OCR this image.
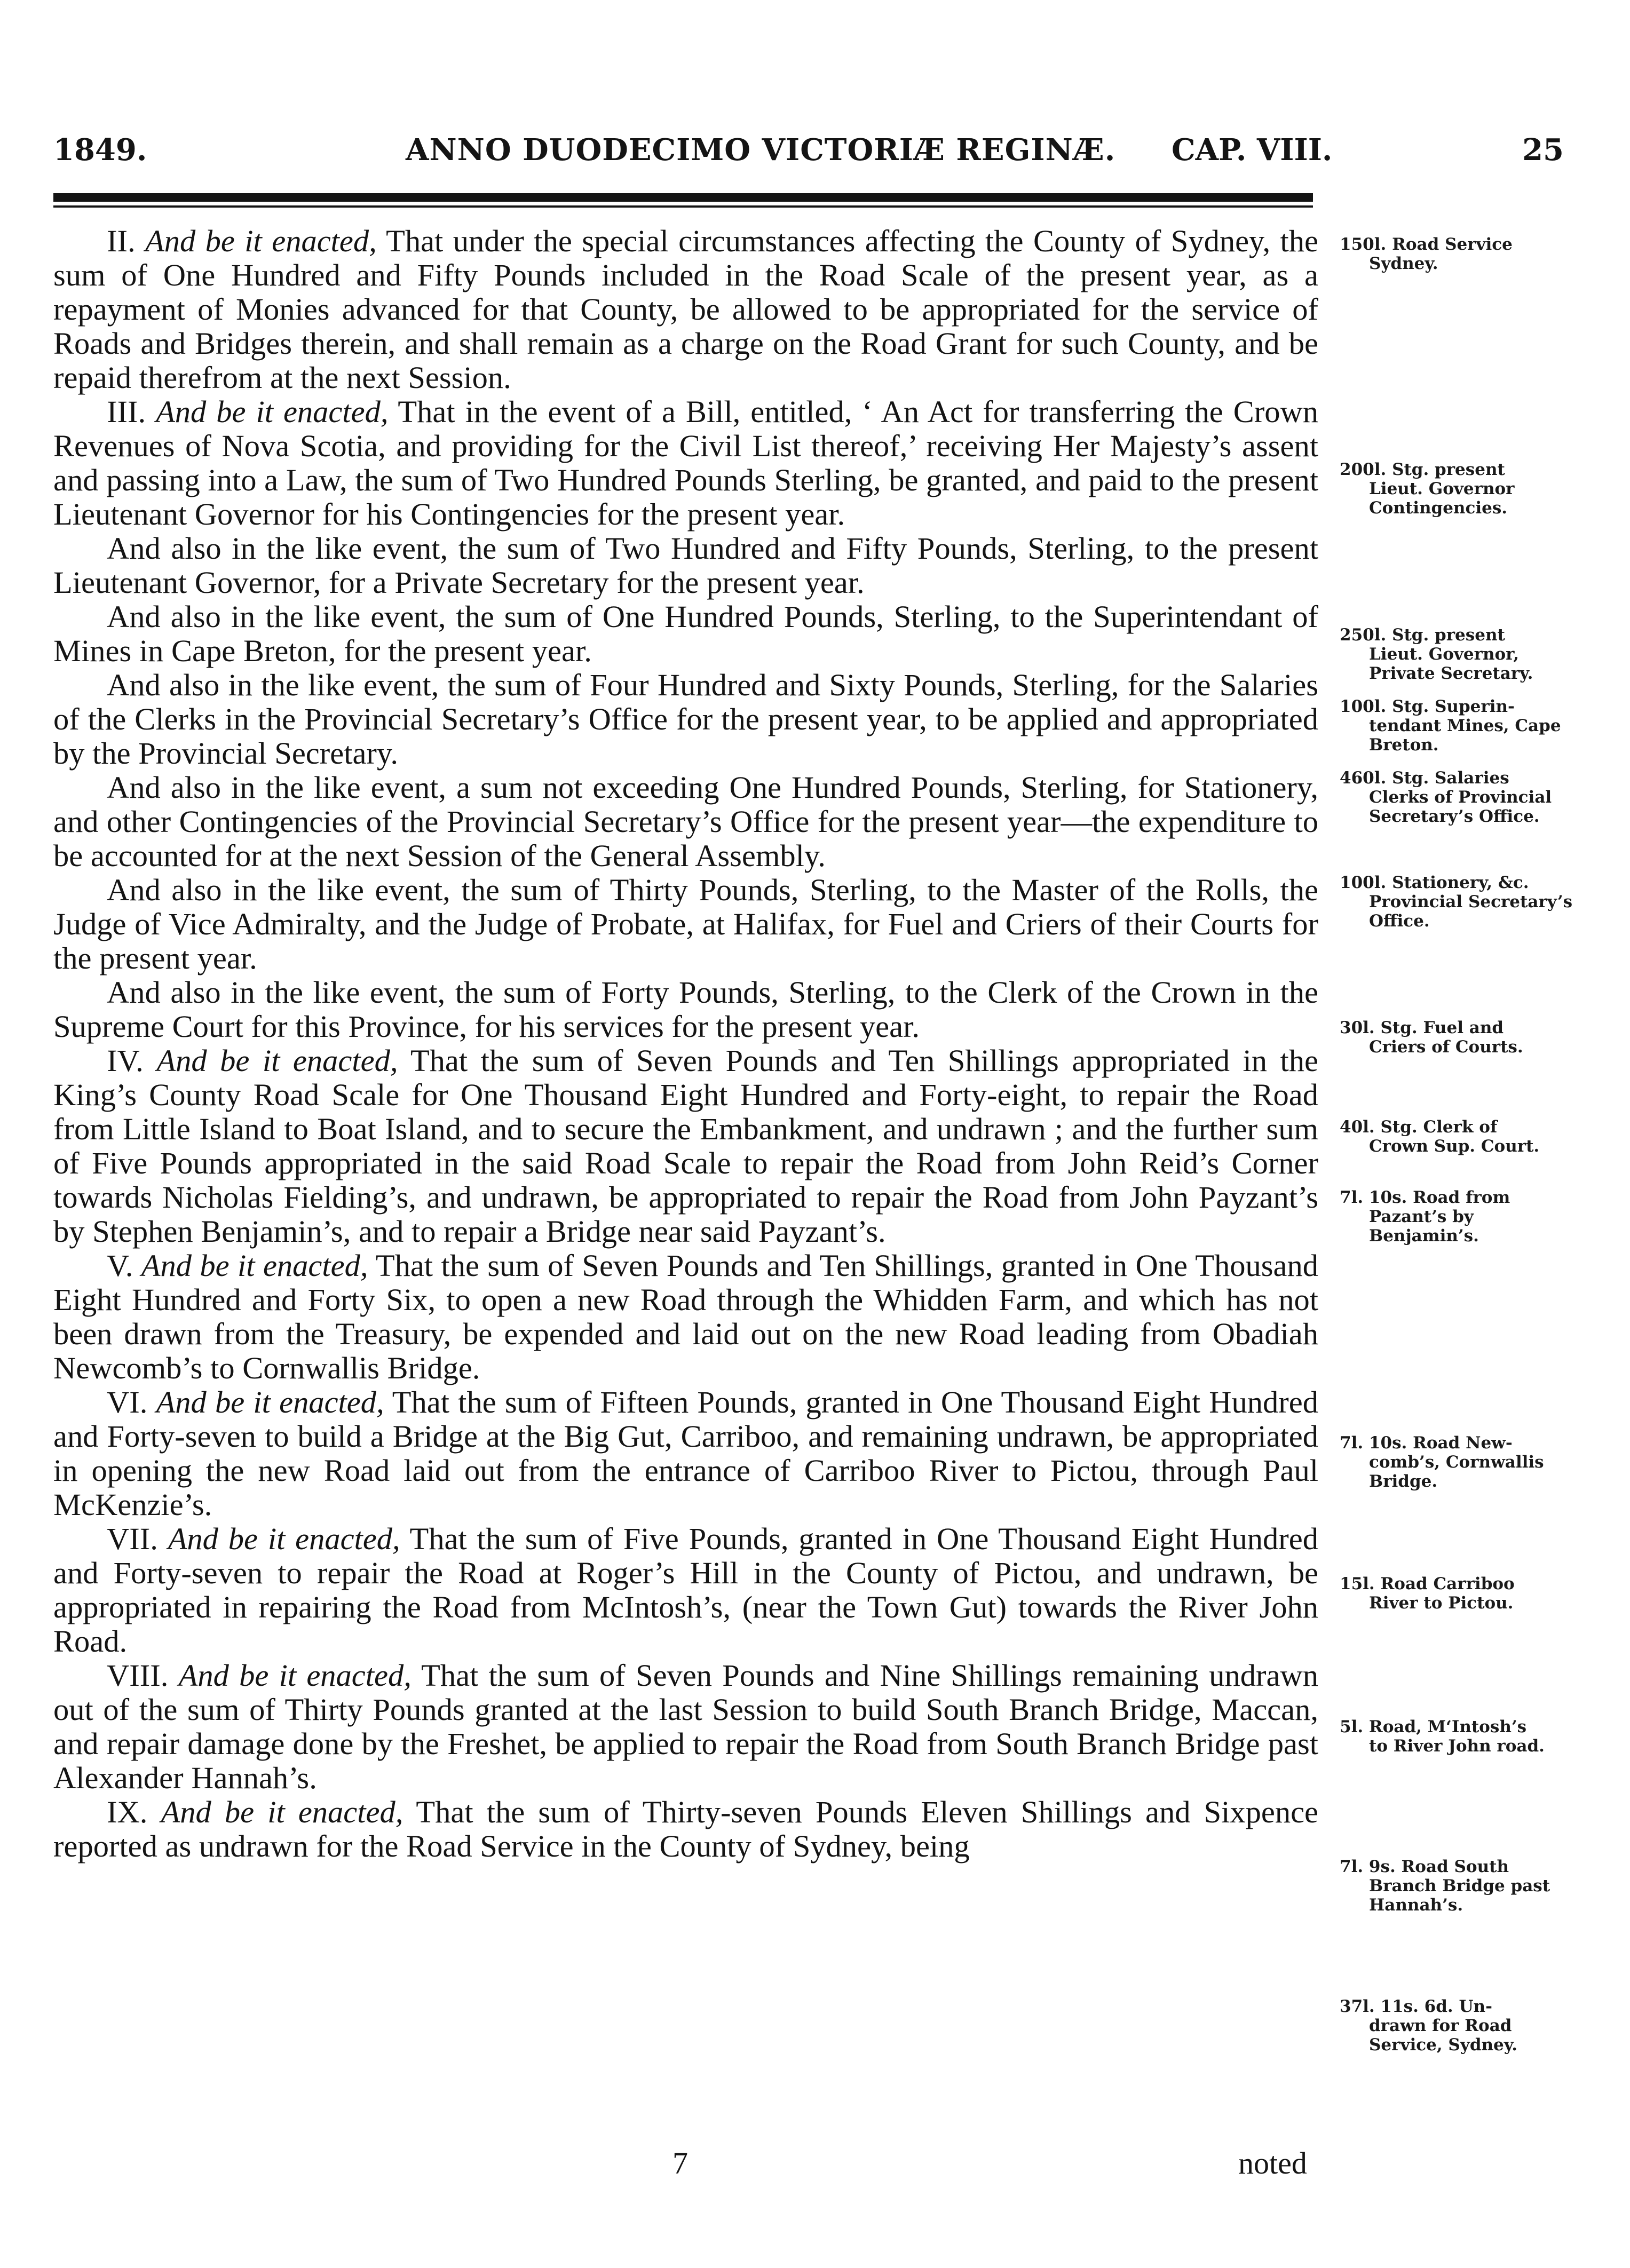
1849.	ANNO DUODECIMO VICTORIÆ REGINÆ. CAP. VIII.	25

II. And be it enacted, That under the special circumstances affecting the County of Sydney, the sum of One Hundred and Fifty Pounds included in the Road Scale of the present year, as a repayment of Monies advanced for that County, be allowed to be appropriated for the service of Roads and Bridges therein, and shall remain as a charge on the Road Grant for such County, and be repaid therefrom at the next Session.

III. And be it enacted, That in the event of a Bill, entitled, ‘ An Act for transferring the Crown Revenues of Nova Scotia, and providing for the Civil List thereof,’ receiving Her Majesty’s assent and passing into a Law, the sum of Two Hundred Pounds Sterling, be granted, and paid to the present Lieutenant Governor for his Contingencies for the present year.

And also in the like event, the sum of Two Hundred and Fifty Pounds, Sterling, to the present Lieutenant Governor, for a Private Secretary for the present year.

And also in the like event, the sum of One Hundred Pounds, Sterling, to the Superintendant of Mines in Cape Breton, for the present year.

And also in the like event, the sum of Four Hundred and Sixty Pounds, Sterling, for the Salaries of the Clerks in the Provincial Secretary’s Office for the present year, to be applied and appropriated by the Provincial Secretary.

And also in the like event, a sum not exceeding One Hundred Pounds, Sterling, for Stationery, and other Contingencies of the Provincial Secretary’s Office for the present year—the expenditure to be accounted for at the next Session of the General Assembly.

And also in the like event, the sum of Thirty Pounds, Sterling, to the Master of the Rolls, the Judge of Vice Admiralty, and the Judge of Probate, at Halifax, for Fuel and Criers of their Courts for the present year.

And also in the like event, the sum of Forty Pounds, Sterling, to the Clerk of the Crown in the Supreme Court for this Province, for his services for the present year.

IV. And be it enacted, That the sum of Seven Pounds and Ten Shillings appropriated in the King’s County Road Scale for One Thousand Eight Hundred and Forty-eight, to repair the Road from Little Island to Boat Island, and to secure the Embankment, and undrawn ; and the further sum of Five Pounds appropriated in the said Road Scale to repair the Road from John Reid’s Corner towards Nicholas Fielding’s, and undrawn, be appropriated to repair the Road from John Payzant’s by Stephen Benjamin’s, and to repair a Bridge near said Payzant’s.

V. And be it enacted, That the sum of Seven Pounds and Ten Shillings, granted in One Thousand Eight Hundred and Forty Six, to open a new Road through the Whidden Farm, and which has not been drawn from the Treasury, be expended and laid out on the new Road leading from Obadiah Newcomb’s to Cornwallis Bridge.

VI. And be it enacted, That the sum of Fifteen Pounds, granted in One Thousand Eight Hundred and Forty-seven to build a Bridge at the Big Gut, Carriboo, and remaining undrawn, be appropriated in opening the new Road laid out from the entrance of Carriboo River to Pictou, through Paul McKenzie’s.

VII. And be it enacted, That the sum of Five Pounds, granted in One Thousand Eight Hundred and Forty-seven to repair the Road at Roger’s Hill in the County of Pictou, and undrawn, be appropriated in repairing the Road from McIntosh’s, (near the Town Gut) towards the River John Road.

VIII. And be it enacted, That the sum of Seven Pounds and Nine Shillings remaining undrawn out of the sum of Thirty Pounds granted at the last Session to build South Branch Bridge, Maccan, and repair damage done by the Freshet, be applied to repair the Road from South Branch Bridge past Alexander Hannah’s.

IX. And be it enacted, That the sum of Thirty-seven Pounds Eleven Shillings and Sixpence reported as undrawn for the Road Service in the County of Sydney, being

150l. Road Service
Sydney.
200l. Stg. present
Lieut. Governor Contingencies.
250l. Stg. present
Lieut. Governor, Private Secretary.
100l. Stg. Superin-
tendant Mines, Cape Breton.
460l. Stg. Salaries
Clerks of Provincial Secretary’s Office.
100l. Stationery, &c.
Provincial Secretary’s Office.
30l. Stg. Fuel and
Criers of Courts.
40l. Stg. Clerk of
Crown Sup. Court.
7l. 10s. Road from
Pazant’s by Benjamin’s.
7l. 10s. Road New-
comb’s, Cornwallis Bridge.
15l. Road Carriboo
River to Pictou.
5l. Road, M‘Intosh’s
to River John road.
7l. 9s. Road South
Branch Bridge past Hannah’s.
37l. 11s. 6d. Un-
drawn for Road Service, Sydney.
7	noted
